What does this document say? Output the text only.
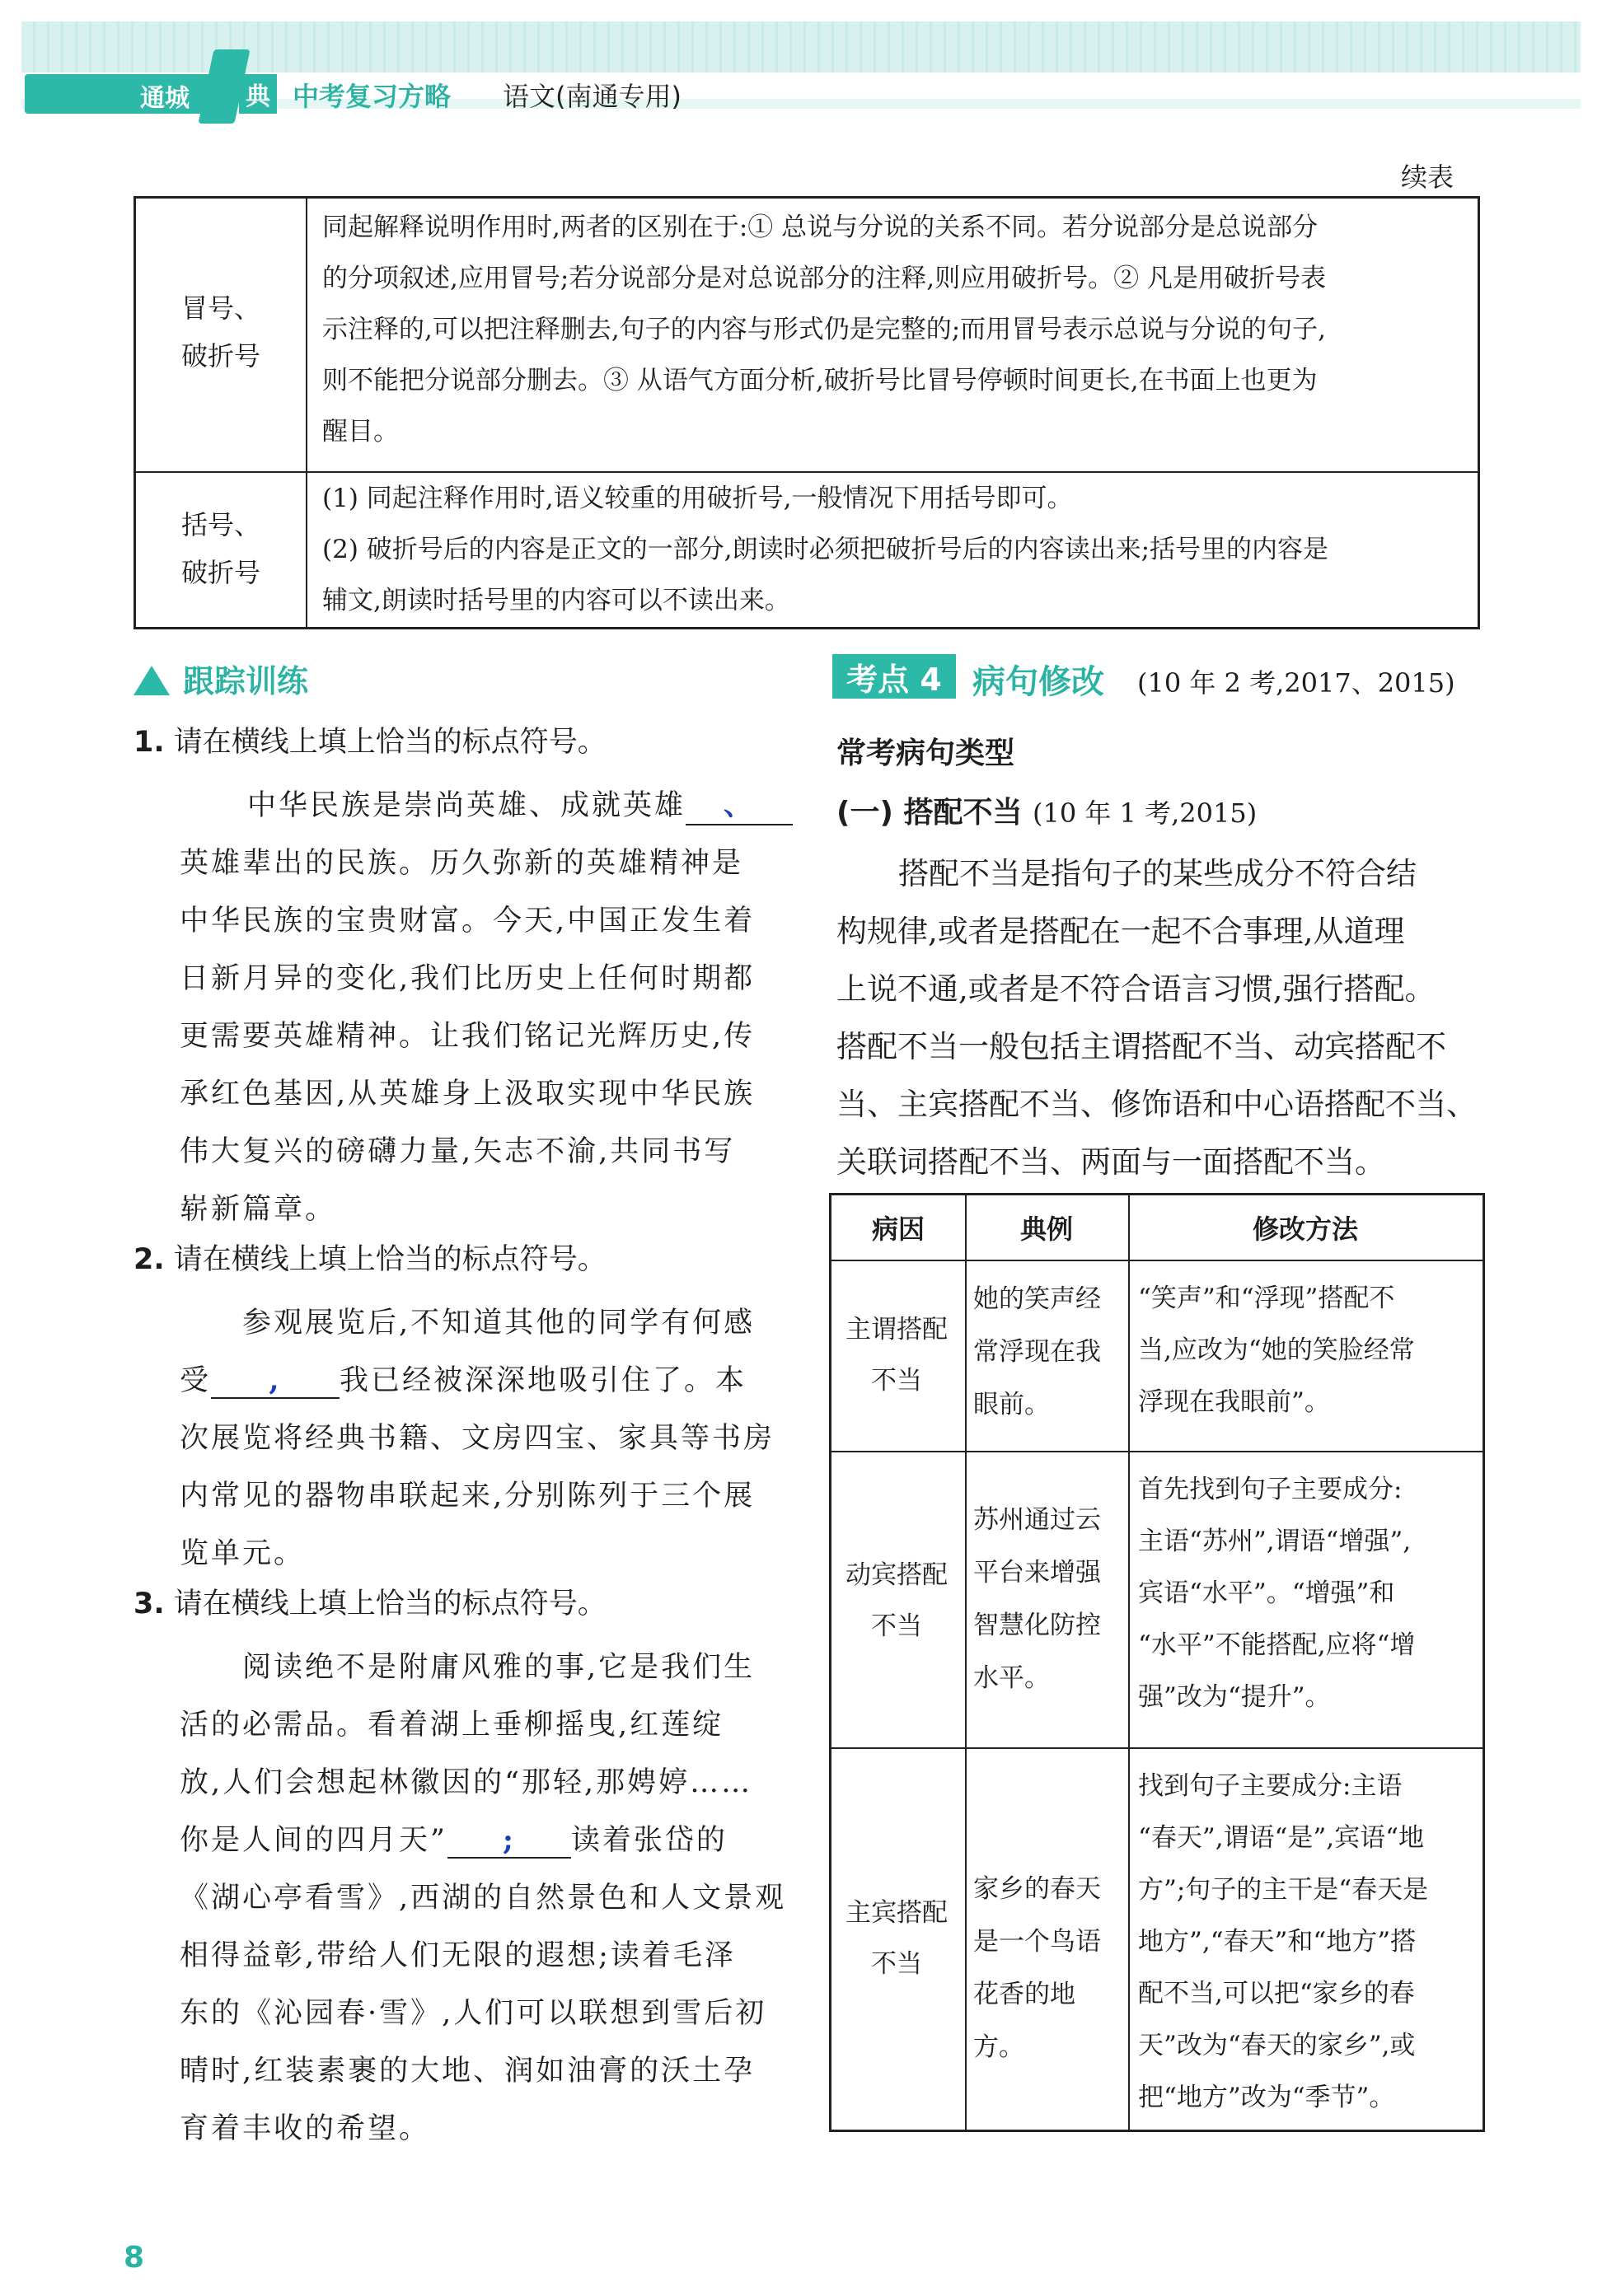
通城 典 中考复习方略 语文(南通专用)
续表
冒号、
破折号
同起解释说明作用时,两者的区别在于:① 总说与分说的关系不同。若分说部分是总说部分
的分项叙述,应用冒号;若分说部分是对总说部分的注释,则应用破折号。② 凡是用破折号表
示注释的,可以把注释删去,句子的内容与形式仍是完整的;而用冒号表示总说与分说的句子,
则不能把分说部分删去。③ 从语气方面分析,破折号比冒号停顿时间更长,在书面上也更为
醒目。
括号、
破折号
(1) 同起注释作用时,语义较重的用破折号,一般情况下用括号即可。
(2) 破折号后的内容是正文的一部分,朗读时必须把破折号后的内容读出来;括号里的内容是
辅文,朗读时括号里的内容可以不读出来。
跟踪训练
1. 请在横线上填上恰当的标点符号。
中华民族是崇尚英雄、成就英雄 、
英雄辈出的民族。历久弥新的英雄精神是
中华民族的宝贵财富。今天,中国正发生着
日新月异的变化,我们比历史上任何时期都
更需要英雄精神。让我们铭记光辉历史,传
承红色基因,从英雄身上汲取实现中华民族
伟大复兴的磅礴力量,矢志不渝,共同书写
崭新篇章。
2. 请在横线上填上恰当的标点符号。
参观展览后,不知道其他的同学有何感
受 , 我已经被深深地吸引住了。本
次展览将经典书籍、文房四宝、家具等书房
内常见的器物串联起来,分别陈列于三个展
览单元。
3. 请在横线上填上恰当的标点符号。
阅读绝不是附庸风雅的事,它是我们生
活的必需品。看着湖上垂柳摇曳,红莲绽
放,人们会想起林徽因的“那轻,那娉婷……
你是人间的四月天” ; 读着张岱的
《湖心亭看雪》,西湖的自然景色和人文景观
相得益彰,带给人们无限的遐想;读着毛泽
东的《沁园春·雪》,人们可以联想到雪后初
晴时,红装素裹的大地、润如油膏的沃土孕
育着丰收的希望。
考点 4 病句修改 (10 年 2 考,2017、2015)
常考病句类型
(一) 搭配不当 (10 年 1 考,2015)
搭配不当是指句子的某些成分不符合结
构规律,或者是搭配在一起不合事理,从道理
上说不通,或者是不符合语言习惯,强行搭配。
搭配不当一般包括主谓搭配不当、动宾搭配不
当、主宾搭配不当、修饰语和中心语搭配不当、
关联词搭配不当、两面与一面搭配不当。
病因	典例	修改方法
主谓搭配
不当
她的笑声经
常浮现在我
眼前。
“笑声”和“浮现”搭配不
当,应改为“她的笑脸经常
浮现在我眼前”。
动宾搭配
不当
苏州通过云
平台来增强
智慧化防控
水平。
首先找到句子主要成分:
主语“苏州”,谓语“增强”,
宾语“水平”。“增强”和
“水平”不能搭配,应将“增
强”改为“提升”。
主宾搭配
不当
家乡的春天
是一个鸟语
花香的地方。
找到句子主要成分:主语
“春天”,谓语“是”,宾语“地
方”;句子的主干是“春天是
地方”,“春天”和“地方”搭
配不当,可以把“家乡的春
天”改为“春天的家乡”,或
把“地方”改为“季节”。
8
